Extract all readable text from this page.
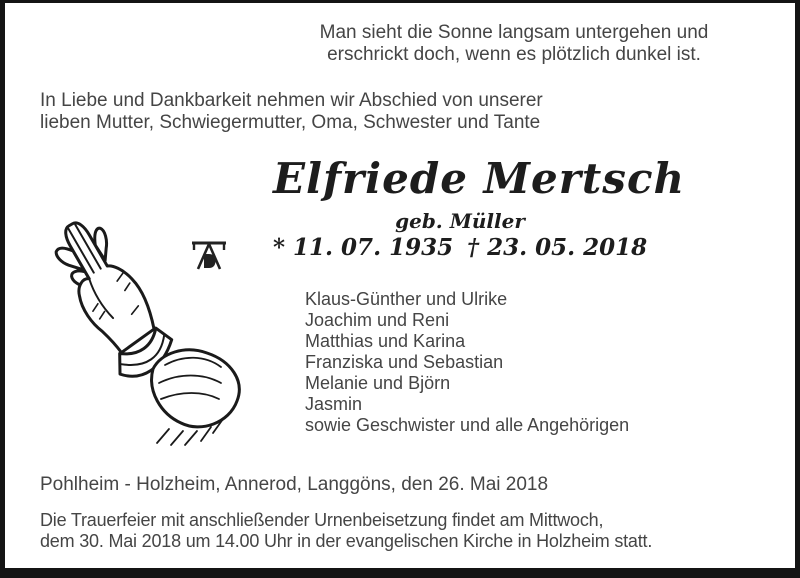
Man sieht die Sonne langsam untergehen und
erschrickt doch, wenn es plötzlich dunkel ist.
In Liebe und Dankbarkeit nehmen wir Abschied von unserer
lieben Mutter, Schwiegermutter, Oma, Schwester und Tante
Elfriede Mertsch
geb. Müller
* 11. 07. 1935 † 23. 05. 2018
Klaus-Günther und Ulrike
Joachim und Reni
Matthias und Karina
Franziska und Sebastian
Melanie und Björn
Jasmin
sowie Geschwister und alle Angehörigen
Pohlheim - Holzheim, Annerod, Langgöns, den 26. Mai 2018
Die Trauerfeier mit anschließender Urnenbeisetzung findet am Mittwoch,
dem 30. Mai 2018 um 14.00 Uhr in der evangelischen Kirche in Holzheim statt.
